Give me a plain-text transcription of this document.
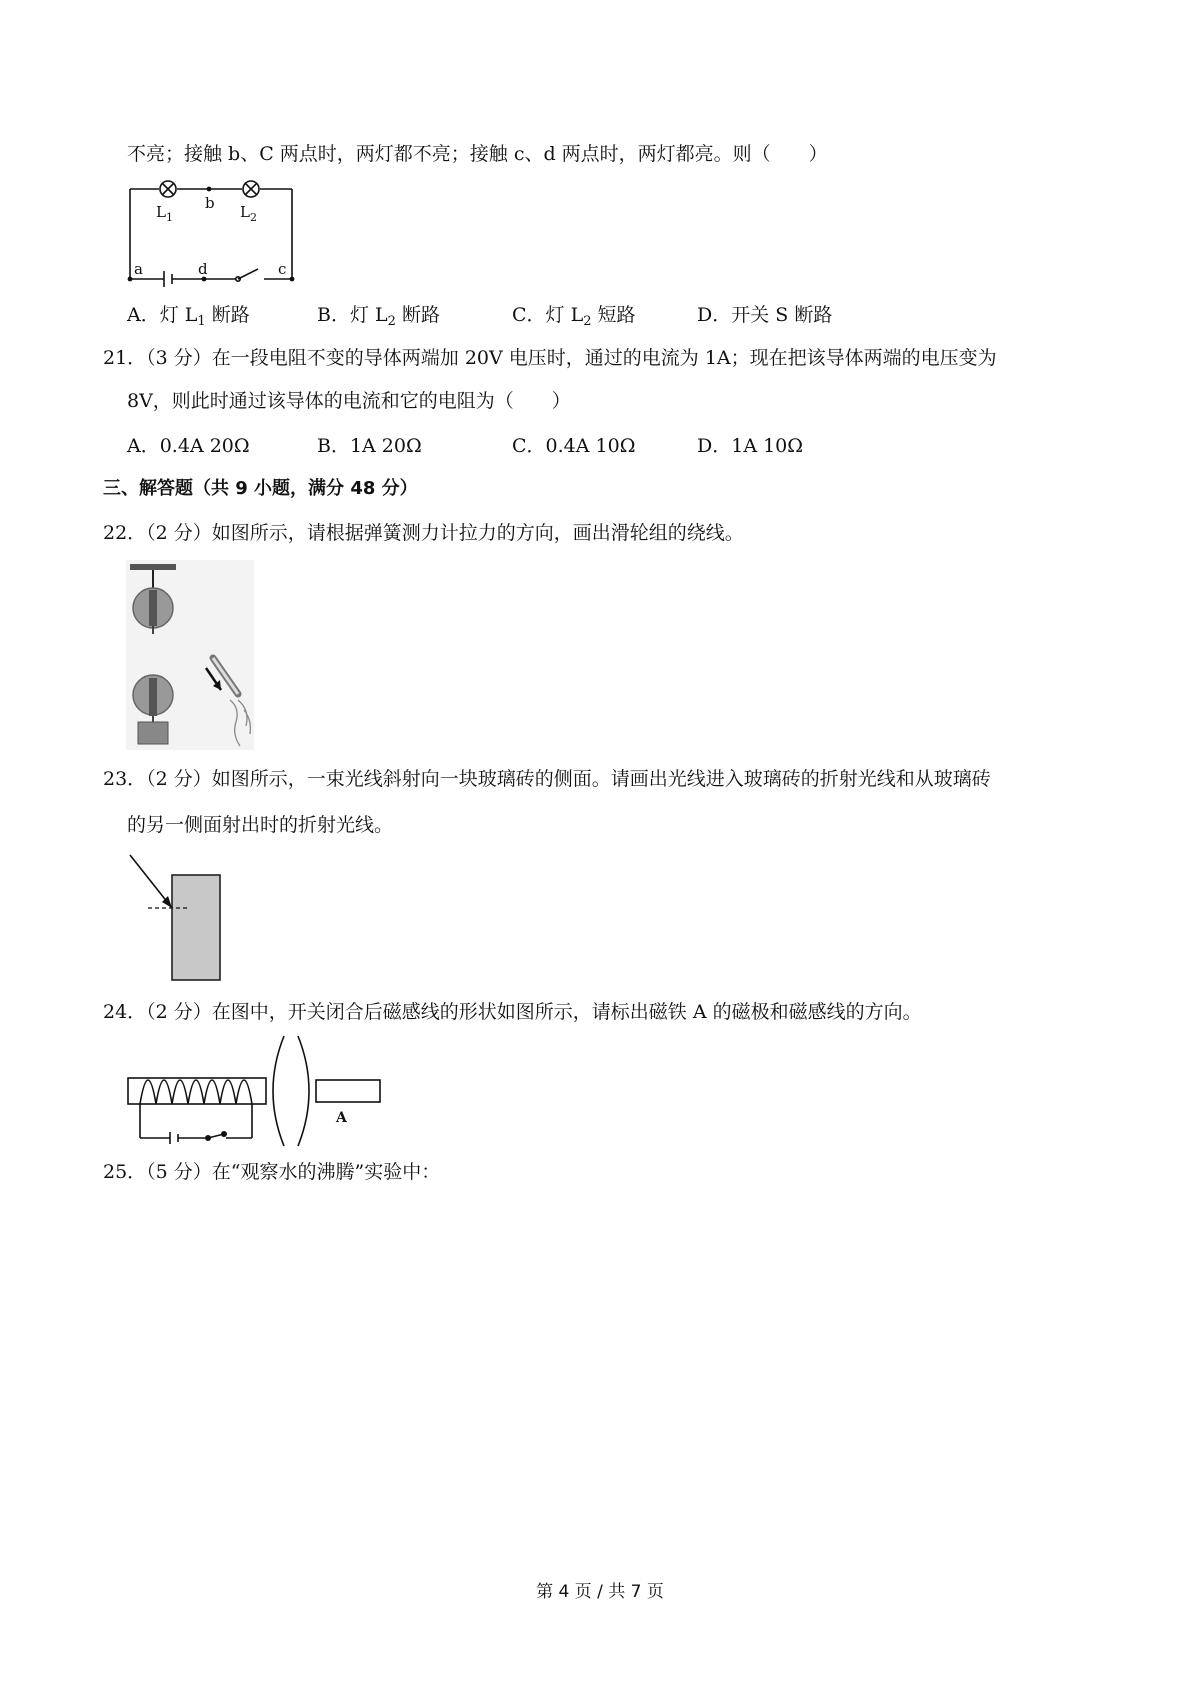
不亮；接触 b、C 两点时，两灯都不亮；接触 c、d 两点时，两灯都亮。则（　　）
$L_1$
b $L_2$
a	d	c
A．灯 $L_1$ 断路	B．灯 $L_2$ 断路	C．灯 $L_2$ 短路	D．开关 S 断路
21．（3 分）在一段电阻不变的导体两端加 20V 电压时，通过的电流为 1A；现在把该导体两端的电压变为
8V，则此时通过该导体的电流和它的电阻为（　　）
A．0.4A 20Ω	B．1A 20Ω	C．0.4A 10Ω	D．1A 10Ω
三、解答题（共 9 小题，满分 48 分）
22．（2 分）如图所示，请根据弹簧测力计拉力的方向，画出滑轮组的绕线。
23．（2 分）如图所示，一束光线斜射向一块玻璃砖的侧面。请画出光线进入玻璃砖的折射光线和从玻璃砖
的另一侧面射出时的折射光线。
24．（2 分）在图中，开关闭合后磁感线的形状如图所示，请标出磁铁 A 的磁极和磁感线的方向。
A
25．（5 分）在“观察水的沸腾”实验中：
第 4 页 / 共 7 页
